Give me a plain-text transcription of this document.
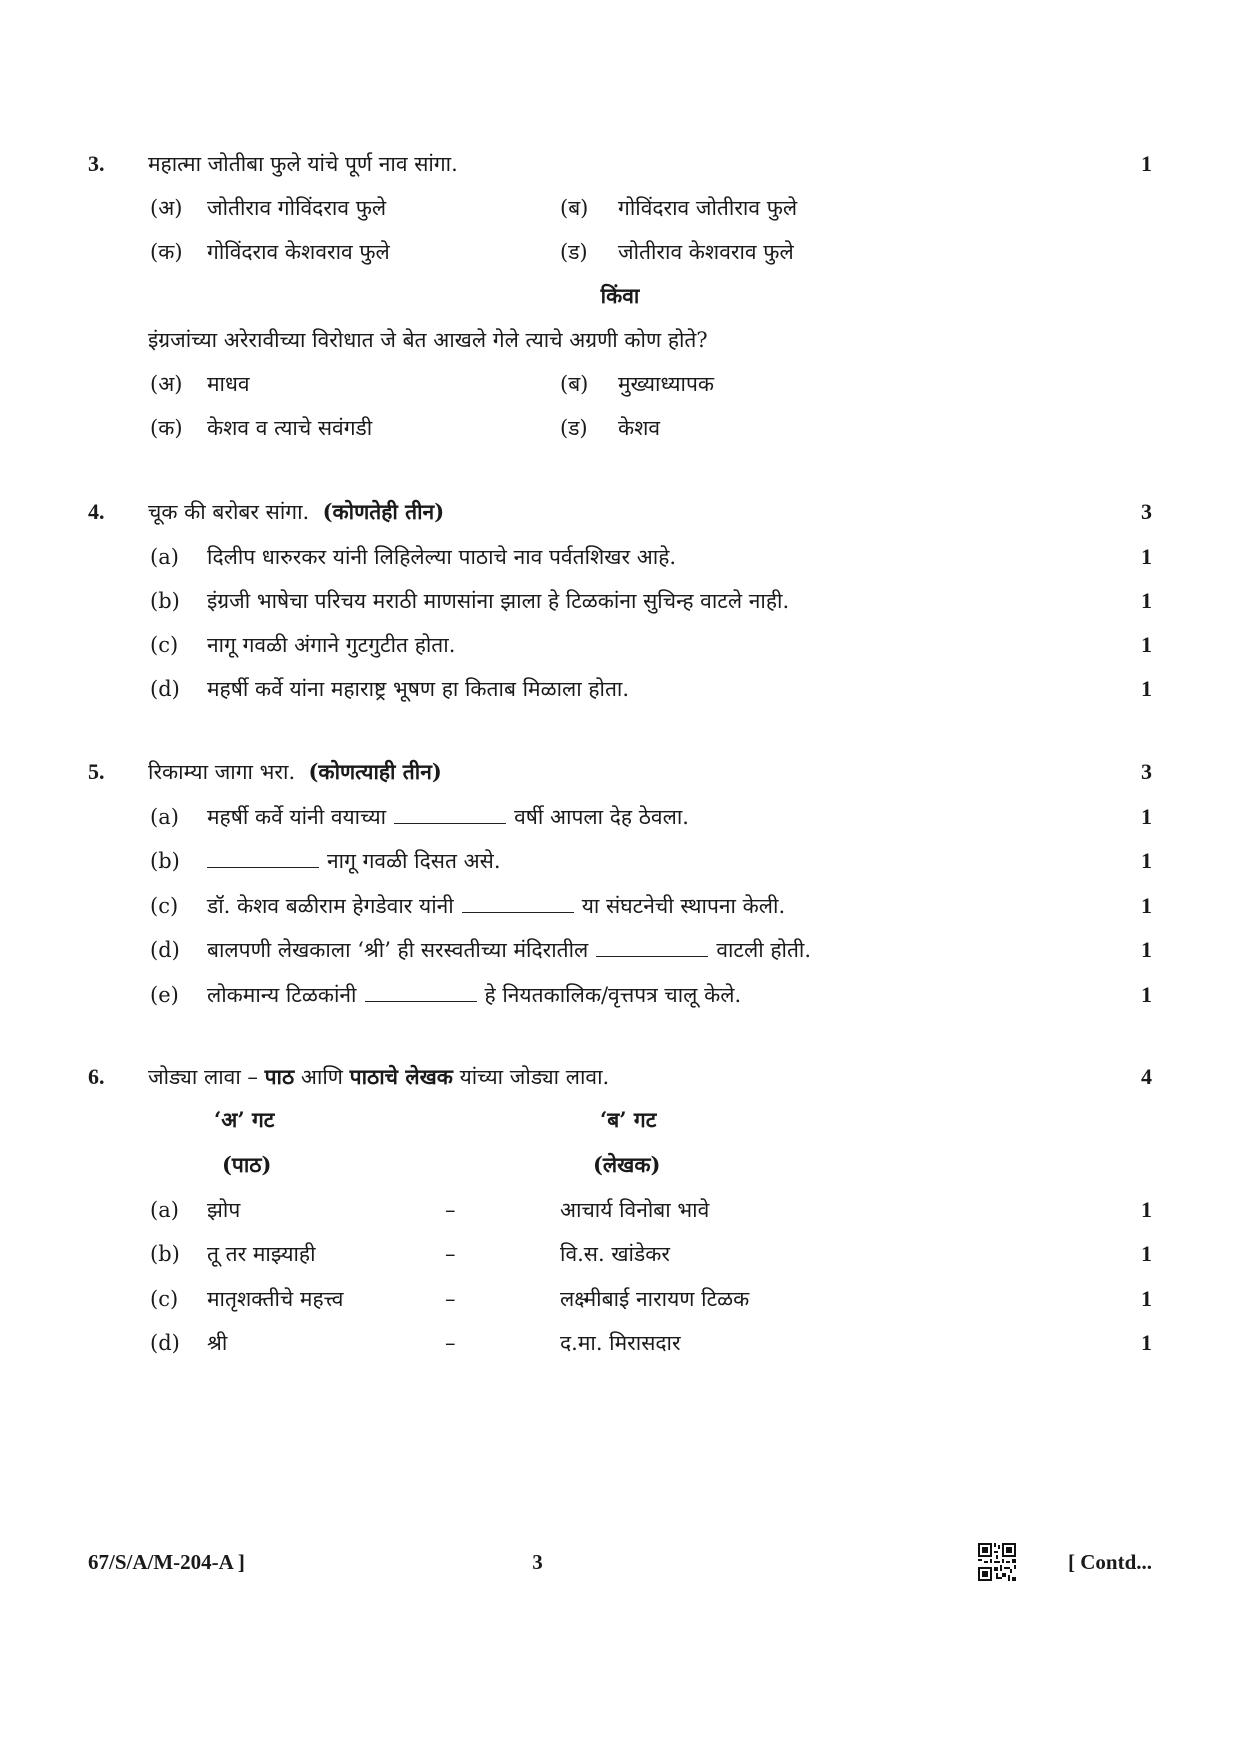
3. महात्मा जोतीबा फुले यांचे पूर्ण नाव सांगा.	1
(अ)	जोतीराव गोविंदराव फुले	(ब)	गोविंदराव जोतीराव फुले
(क)	गोविंदराव केशवराव फुले	(ड)	जोतीराव केशवराव फुले
किंवा
इंग्रजांच्या अरेरावीच्या विरोधात जे बेत आखले गेले त्याचे अग्रणी कोण होते?
(अ)	माधव	(ब)	मुख्याध्यापक
(क)	केशव व त्याचे सवंगडी	(ड)	केशव
4. चूक की बरोबर सांगा. (कोणतेही तीन)	3
(a)	दिलीप धारुरकर यांनी लिहिलेल्या पाठाचे नाव पर्वतशिखर आहे.	1
(b)	इंग्रजी भाषेचा परिचय मराठी माणसांना झाला हे टिळकांना सुचिन्ह वाटले नाही.	1
(c)	नागू गवळी अंगाने गुटगुटीत होता.	1
(d)	महर्षी कर्वे यांना महाराष्ट्र भूषण हा किताब मिळाला होता.	1
5. रिकाम्या जागा भरा. (कोणत्याही तीन)	3
(a)	महर्षी कर्वे यांनी वयाच्या	वर्षी आपला देह ठेवला.	1
(b)	नागू गवळी दिसत असे.	1
(c)	डॉ. केशव बळीराम हेगडेवार यांनी	या संघटनेची स्थापना केली.	1
(d)	बालपणी लेखकाला ‘श्री’ ही सरस्वतीच्या मंदिरातील	वाटली होती.	1
(e)	लोकमान्य टिळकांनी	हे नियतकालिक/वृत्तपत्र चालू केले.	1
6. जोड्या लावा – पाठ आणि पाठाचे लेखक यांच्या जोड्या लावा.	4
‘अ’ गट	‘ब’ गट
(पाठ)	(लेखक)
(a)	झोप	–	आचार्य विनोबा भावे	1
(b)	तू तर माझ्याही	–	वि.स. खांडेकर	1
(c)	मातृशक्तीचे महत्त्व	–	लक्ष्मीबाई नारायण टिळक	1
(d)	श्री	–	द.मा. मिरासदार	1
67/S/A/M-204-A ]	3	[ Contd...
